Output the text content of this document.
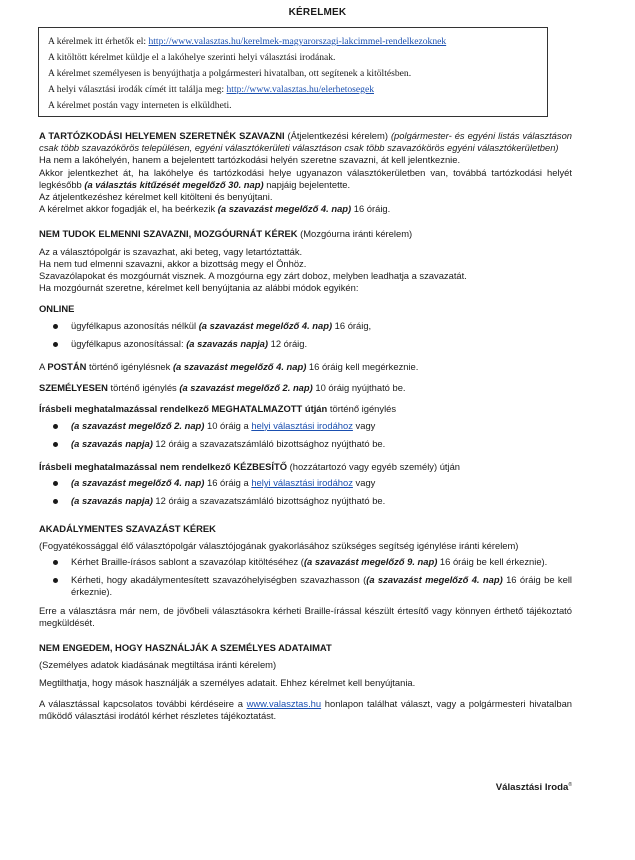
KÉRELMEK
A kérelmek itt érhetők el: http://www.valasztas.hu/kerelmek-magyarorszagi-lakcimmel-rendelkezoknek
A kitöltött kérelmet küldje el a lakóhelye szerinti helyi választási irodának.
A kérelmet személyesen is benyújthatja a polgármesteri hivatalban, ott segítenek a kitöltésben.
A helyi választási irodák címét itt találja meg: http://www.valasztas.hu/elerhetosegek
A kérelmet postán vagy interneten is elküldheti.

A TARTÓZKODÁSI HELYEMEN SZERETNÉK SZAVAZNI (Átjelentkezési kérelem) (polgármester- és egyéni listás választáson csak több szavazókörös településen, egyéni választókerületi választáson csak több szavazókörös egyéni választókerületben)

Ha nem a lakóhelyén, hanem a bejelentett tartózkodási helyén szeretne szavazni, át kell jelentkeznie.

Akkor jelentkezhet át, ha lakóhelye és tartózkodási helye ugyanazon választókerületben van, továbbá tartózkodási helyét legkésőbb (a választás kitűzését megelőző 30. nap) napjáig bejelentette.

Az átjelentkezéshez kérelmet kell kitölteni és benyújtani.

A kérelmet akkor fogadják el, ha beérkezik (a szavazást megelőző 4. nap) 16 óráig.

NEM TUDOK ELMENNI SZAVAZNI, MOZGÓURNÁT KÉREK (Mozgóurna iránti kérelem)

Az a választópolgár is szavazhat, aki beteg, vagy letartóztatták.

Ha nem tud elmenni szavazni, akkor a bizottság megy el Önhöz.

Szavazólapokat és mozgóurnát visznek. A mozgóurna egy zárt doboz, melyben leadhatja a szavazatát.

Ha mozgóurnát szeretne, kérelmet kell benyújtania az alábbi módok egyikén:

ONLINE

ügyfélkapus azonosítás nélkül (a szavazást megelőző 4. nap) 16 óráig,
ügyfélkapus azonosítással: (a szavazás napja) 12 óráig.

A POSTÁN történő igénylésnek (a szavazást megelőző 4. nap) 16 óráig kell megérkeznie.

SZEMÉLYESEN történő igénylés (a szavazást megelőző 2. nap) 10 óráig nyújtható be.

Írásbeli meghatalmazással rendelkező MEGHATALMAZOTT útján történő igénylés

(a szavazást megelőző 2. nap) 10 óráig a helyi választási irodához vagy
(a szavazás napja) 12 óráig a szavazatszámláló bizottsághoz nyújtható be.

Írásbeli meghatalmazással nem rendelkező KÉZBESÍTŐ (hozzátartozó vagy egyéb személy) útján

(a szavazást megelőző 4. nap) 16 óráig a helyi választási irodához vagy
(a szavazás napja) 12 óráig a szavazatszámláló bizottsághoz nyújtható be.

AKADÁLYMENTES SZAVAZÁST KÉREK

(Fogyatékossággal élő választópolgár választójogának gyakorlásához szükséges segítség igénylése iránti kérelem)

Kérhet Braille-írásos sablont a szavazólap kitöltéséhez ((a szavazást megelőző 9. nap) 16 óráig be kell érkeznie).
Kérheti, hogy akadálymentesített szavazóhelyiségben szavazhasson ((a szavazást megelőző 4. nap) 16 óráig be kell érkeznie).

Erre a választásra már nem, de jövőbeli választásokra kérheti Braille-írással készült értesítő vagy könnyen érthető tájékoztató megküldését.

NEM ENGEDEM, HOGY HASZNÁLJÁK A SZEMÉLYES ADATAIMAT

(Személyes adatok kiadásának megtiltása iránti kérelem)

Megtilthatja, hogy mások használják a személyes adatait. Ehhez kérelmet kell benyújtania.

A választással kapcsolatos további kérdéseire a www.valasztas.hu honlapon találhat választ, vagy a polgármesteri hivatalban működő választási irodától kérhet részletes tájékoztatást.

Választási Iroda®
